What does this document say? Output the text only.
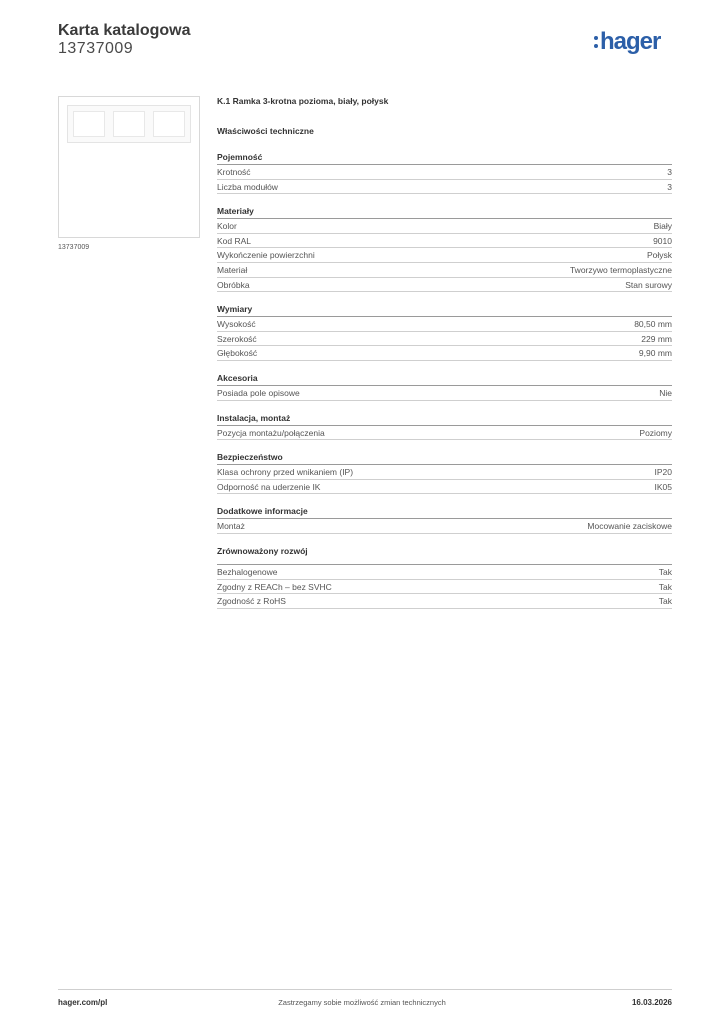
Karta katalogowa
13737009	hager
13737009
K.1 Ramka 3-krotna pozioma, biały, połysk
Właściwości techniczne
Pojemność
Krotność	3
Liczba modułów	3
Materiały
Kolor	Biały
Kod RAL	9010
Wykończenie powierzchni	Połysk
Materiał	Tworzywo termoplastyczne
Obróbka	Stan surowy
Wymiary
Wysokość	80,50 mm
Szerokość	229 mm
Głębokość	9,90 mm
Akcesoria
Posiada pole opisowe	Nie
Instalacja, montaż
Pozycja montażu/połączenia	Poziomy
Bezpieczeństwo
Klasa ochrony przed wnikaniem (IP)	IP20
Odporność na uderzenie IK	IK05
Dodatkowe informacje
Montaż	Mocowanie zaciskowe
Zrównoważony rozwój
Bezhalogenowe	Tak
Zgodny z REACh – bez SVHC	Tak
Zgodność z RoHS	Tak
hager.com/pl	Zastrzegamy sobie możliwość zmian technicznych	16.03.2026
